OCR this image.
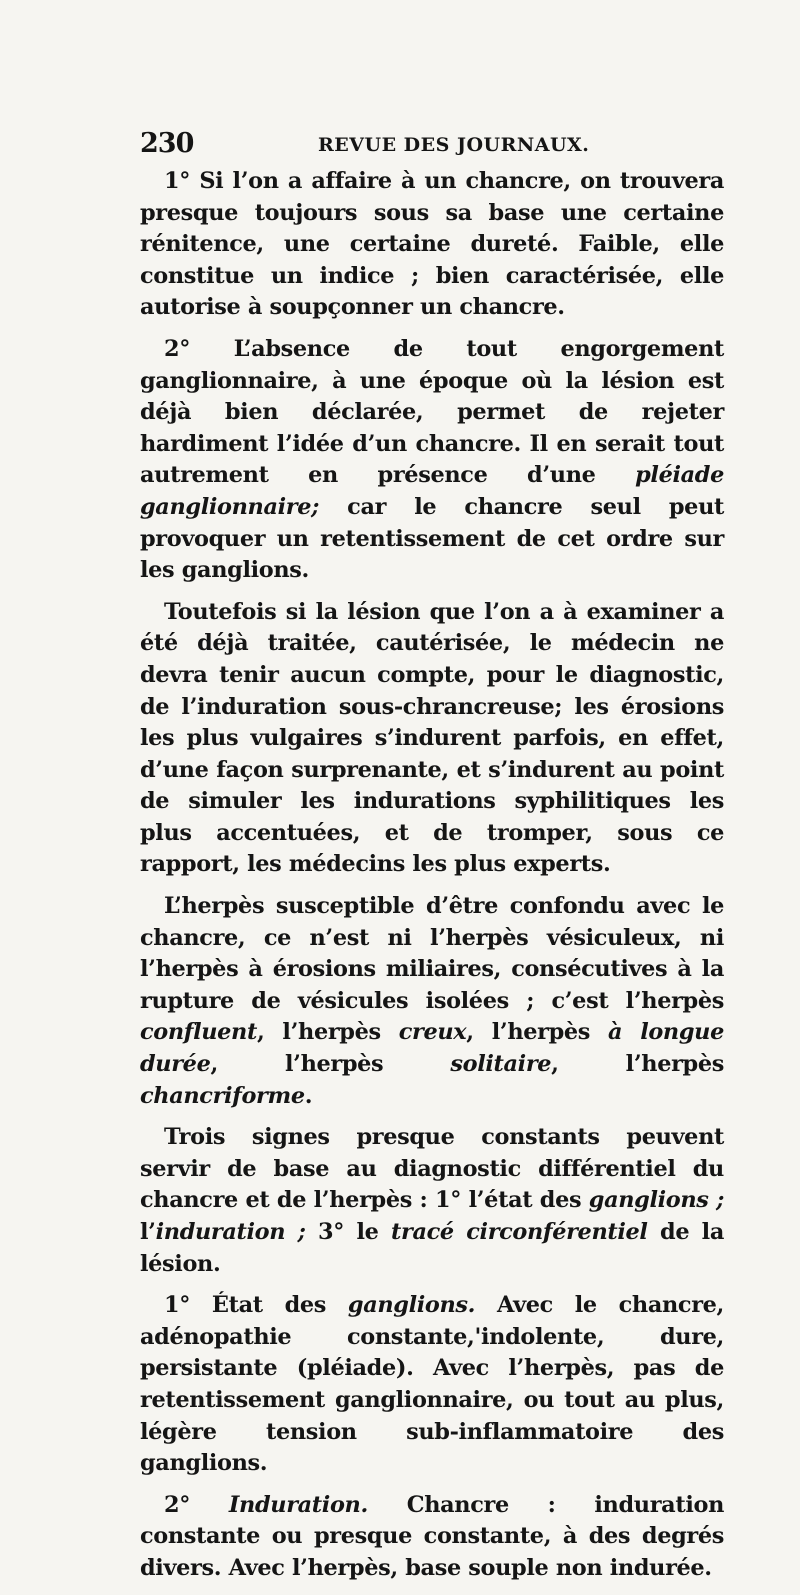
230	REVUE DES JOURNAUX.

1° Si l’on a affaire à un chancre, on trouvera presque toujours sous sa base une certaine rénitence, une certaine dureté. Faible, elle constitue un indice ; bien caractérisée, elle autorise à soupçonner un chancre.

2° L’absence de tout engorgement ganglionnaire, à une époque où la lésion est déjà bien déclarée, permet de rejeter hardiment l’idée d’un chancre. Il en serait tout autrement en présence d’une pléiade ganglionnaire; car le chancre seul peut provoquer un retentissement de cet ordre sur les ganglions.

Toutefois si la lésion que l’on a à examiner a été déjà traitée, cautérisée, le médecin ne devra tenir aucun compte, pour le diagnostic, de l’induration sous-chrancreuse; les érosions les plus vulgaires s’indurent parfois, en effet, d’une façon surprenante, et s’indurent au point de simuler les indurations syphilitiques les plus accentuées, et de tromper, sous ce rapport, les médecins les plus experts.

L’herpès susceptible d’être confondu avec le chancre, ce n’est ni l’herpès vésiculeux, ni l’herpès à érosions miliaires, consécutives à la rupture de vésicules isolées ; c’est l’herpès confluent, l’herpès creux, l’herpès à longue durée, l’herpès solitaire, l’herpès chancriforme.

Trois signes presque constants peuvent servir de base au diagnostic différentiel du chancre et de l’herpès : 1° l’état des ganglions ; l’induration ; 3° le tracé circonférentiel de la lésion.

1° État des ganglions. Avec le chancre, adénopathie constante,'indolente, dure, persistante (pléiade). Avec l’herpès, pas de retentissement ganglionnaire, ou tout au plus, légère tension sub-inflammatoire des ganglions.

2° Induration. Chancre : induration constante ou presque constante, à des degrés divers. Avec l’herpès, base souple non indurée.
